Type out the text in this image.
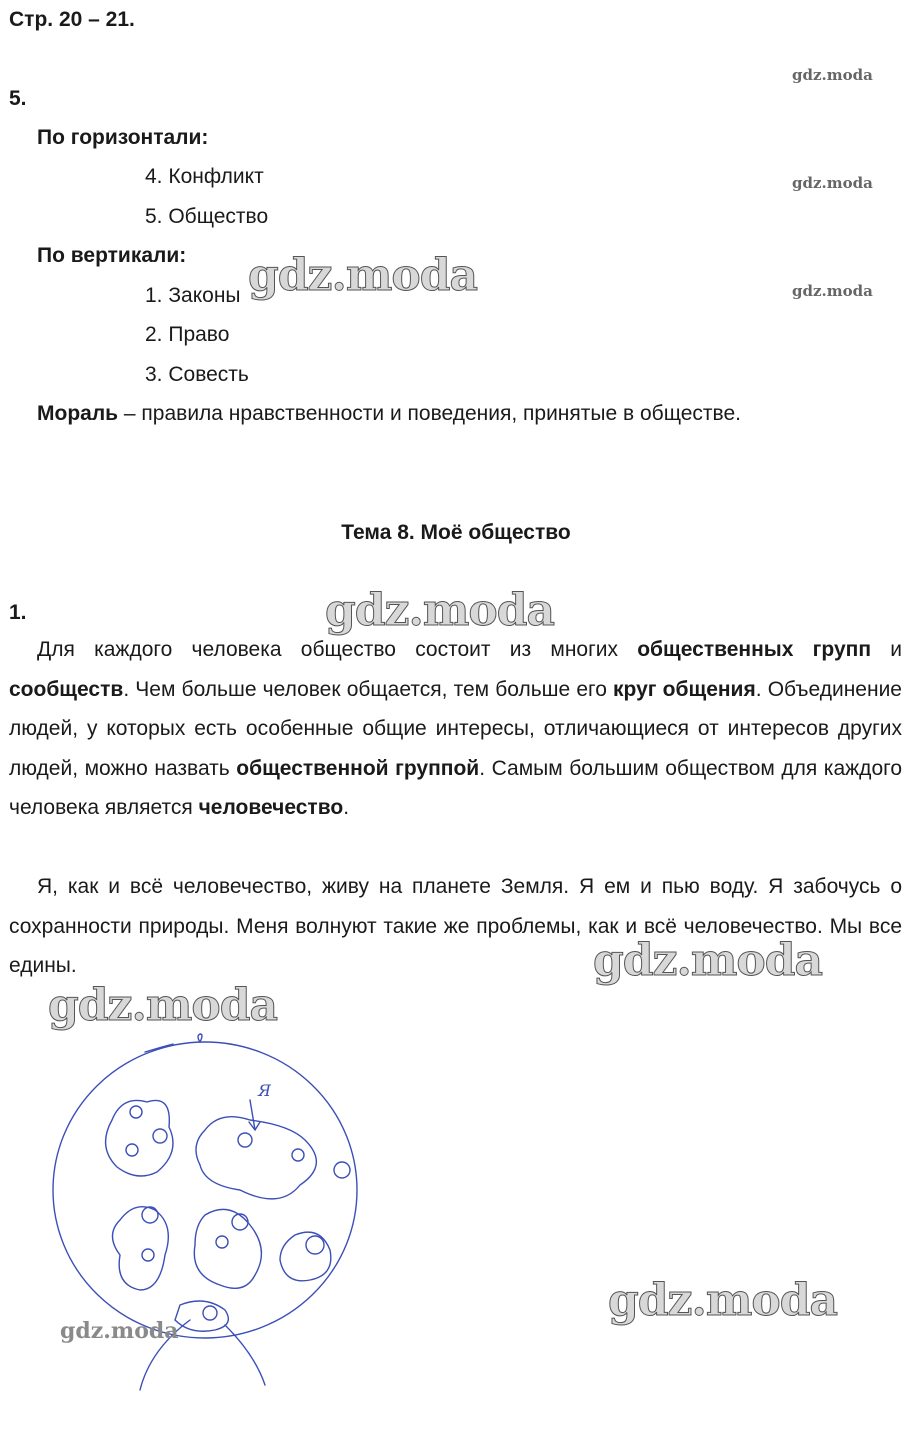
Стр. 20 – 21.
5.
По горизонтали:
4. Конфликт
5. Общество
По вертикали:
1. Законы
2. Право
3. Совесть
Мораль – правила нравственности и поведения, принятые в обществе.
Тема 8. Моё общество
1.
Для каждого человека общество состоит из многих общественных групп и сообществ. Чем больше человек общается, тем больше его круг общения. Объединение людей, у которых есть особенные общие интересы, отличающиеся от интересов других людей, можно назвать общественной группой. Самым большим обществом для каждого человека является человечество.
Я, как и всё человечество, живу на планете Земля. Я ем и пью воду. Я забочусь о сохранности природы. Меня волнуют такие же проблемы, как и всё человечество. Мы все едины.
Я
gdz.moda
gdz.moda
gdz.moda
gdz.moda
gdz.moda
gdz.moda
gdz.moda
gdz.moda
gdz.moda
